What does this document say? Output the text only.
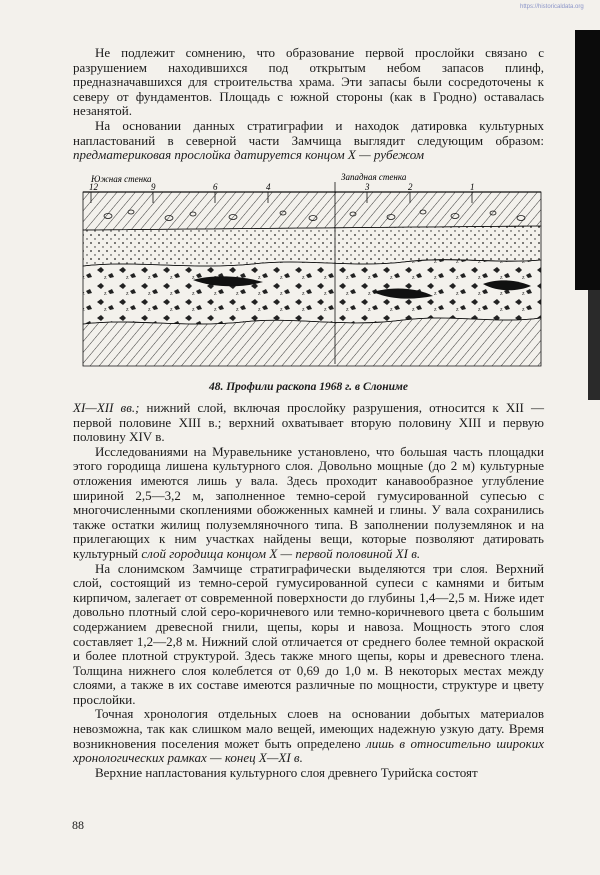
https://historicaldata.org

Не подлежит сомнению, что образование первой прослойки связано с разрушением находившихся под открытым небом запасов плинф, предназначавшихся для строительства храма. Эти запасы были сосредоточены к северу от фундаментов. Площадь с южной стороны (как в Гродно) оставалась незанятой.

На основании данных стратиграфии и находок датировка культурных напластований в северной части Замчища выглядит следующим образом: предматериковая прослойка датируется концом X — рубежом

Южная стенка	Западная стенка
12	9	6	4	3	2	1
48. Профили раскопа 1968 г. в Слониме

XI—XII вв.; нижний слой, включая прослойку разрушения, относится к XII — первой половине XIII в.; верхний охватывает вторую половину XIII и первую половину XIV в.

Исследованиями на Муравельнике установлено, что большая часть площадки этого городища лишена культурного слоя. Довольно мощные (до 2 м) культурные отложения имеются лишь у вала. Здесь проходит канавообразное углубление шириной 2,5—3,2 м, заполненное темно-серой гумусированной супесью с многочисленными скоплениями обожженных камней и глины. У вала сохранились также остатки жилищ полуземляночного типа. В заполнении полуземлянок и на прилегающих к ним участках найдены вещи, которые позволяют датировать культурный слой городища концом X — первой половиной XI в.

На слонимском Замчище стратиграфически выделяются три слоя. Верхний слой, состоящий из темно-серой гумусированной супеси с камнями и битым кирпичом, залегает от современной поверхности до глубины 1,4—2,5 м. Ниже идет довольно плотный слой серо-коричневого или темно-коричневого цвета с большим содержанием древесной гнили, щепы, коры и навоза. Мощность этого слоя составляет 1,2—2,8 м. Нижний слой отличается от среднего более темной окраской и более плотной структурой. Здесь также много щепы, коры и древесного тлена. Толщина нижнего слоя колеблется от 0,69 до 1,0 м. В некоторых местах между слоями, а также в их составе имеются различные по мощности, структуре и цвету прослойки.

Точная хронология отдельных слоев на основании добытых материалов невозможна, так как слишком мало вещей, имеющих надежную узкую дату. Время возникновения поселения может быть определено лишь в относительно широких хронологических рамках — конец X—XI в.

Верхние напластования культурного слоя древнего Турийска состоят

88
